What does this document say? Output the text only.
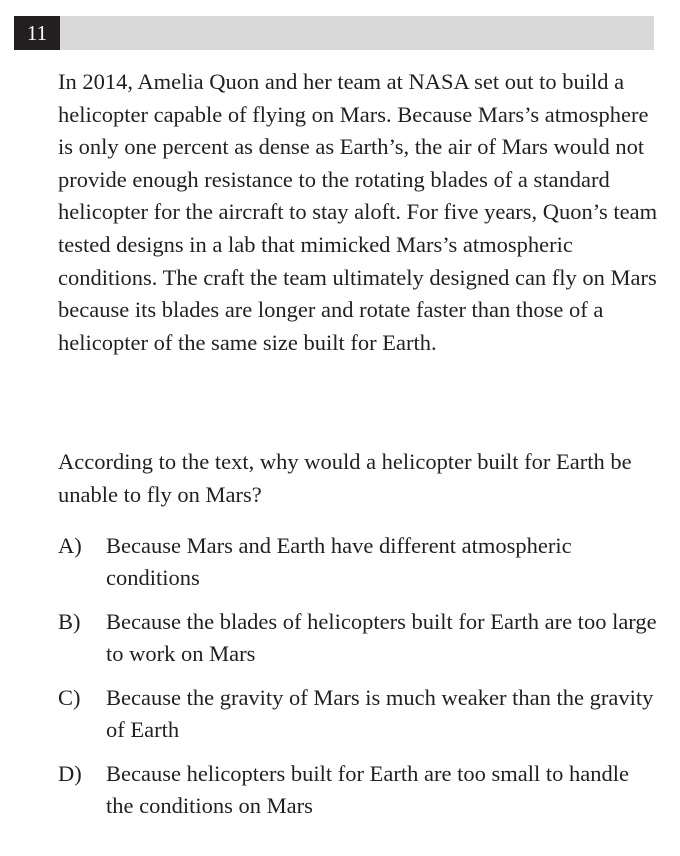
11

In 2014, Amelia Quon and her team at NASA set out to build a helicopter capable of flying on Mars. Because Mars’s atmosphere is only one percent as dense as Earth’s, the air of Mars would not provide enough resistance to the rotating blades of a standard helicopter for the aircraft to stay aloft. For five years, Quon’s team tested designs in a lab that mimicked Mars’s atmospheric conditions. The craft the team ultimately designed can fly on Mars because its blades are longer and rotate faster than those of a helicopter of the same size built for Earth.

According to the text, why would a helicopter built for Earth be unable to fly on Mars?

A) Because Mars and Earth have different atmospheric conditions
B) Because the blades of helicopters built for Earth are too large to work on Mars
C) Because the gravity of Mars is much weaker than the gravity of Earth
D) Because helicopters built for Earth are too small to handle the conditions on Mars
